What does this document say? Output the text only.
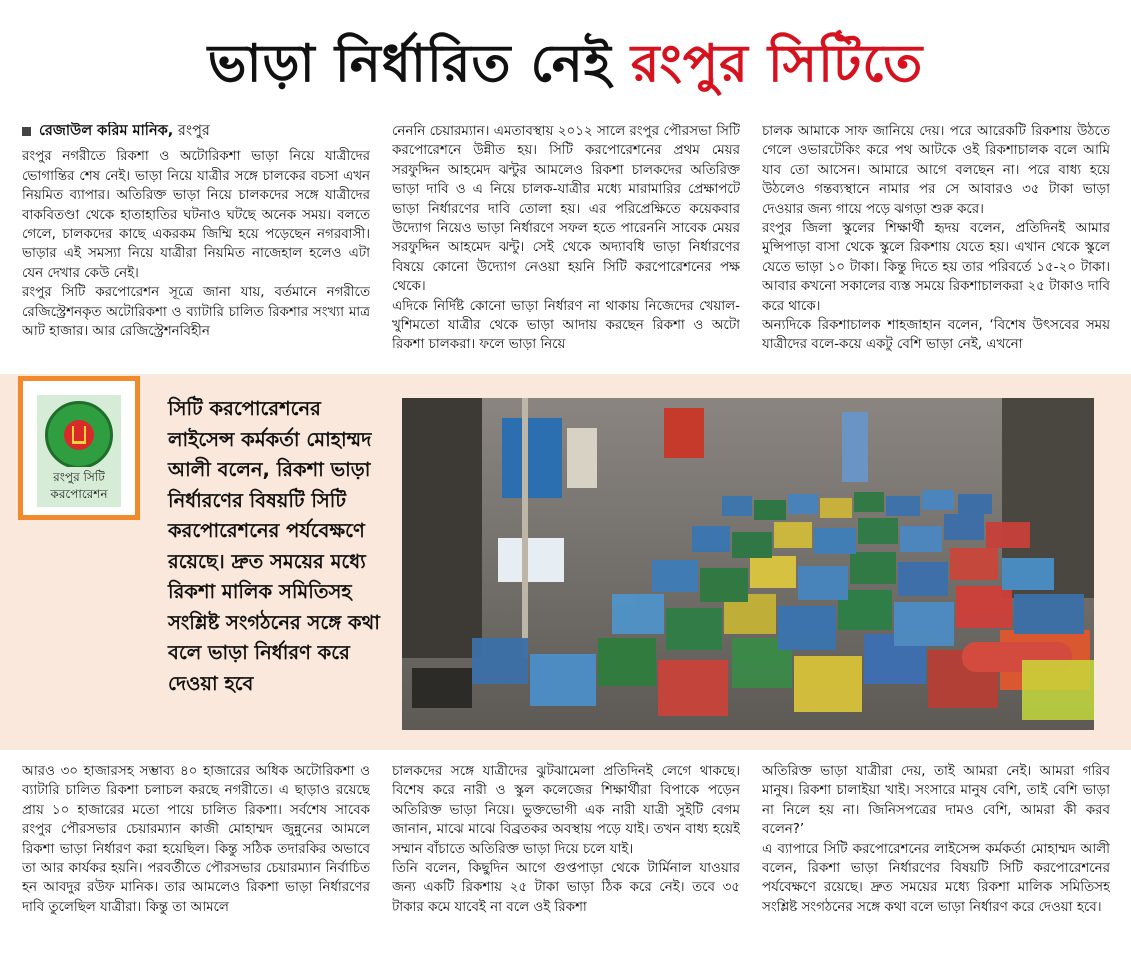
ভাড়া নির্ধারিত নেই রংপুর সিটিতে
রেজাউল করিম মানিক, রংপুর

রংপুর নগরীতে রিকশা ও অটোরিকশা ভাড়া নিয়ে যাত্রীদের ভোগান্তির শেষ নেই। ভাড়া নিয়ে যাত্রীর সঙ্গে চালকের বচসা এখন নিয়মিত ব্যাপার। অতিরিক্ত ভাড়া নিয়ে চালকদের সঙ্গে যাত্রীদের বাকবিতণ্ডা থেকে হাতাহাতির ঘটনাও ঘটছে অনেক সময়। বলতে গেলে, চালকদের কাছে একরকম জিম্মি হয়ে পড়েছেন নগরবাসী। ভাড়ার এই সমস্যা নিয়ে যাত্রীরা নিয়মিত নাজেহাল হলেও এটা যেন দেখার কেউ নেই।
রংপুর সিটি করপোরেশন সূত্রে জানা যায়, বর্তমানে নগরীতে রেজিস্ট্রেশনকৃত অটোরিকশা ও ব্যাটারি চালিত রিকশার সংখ্যা মাত্র আট হাজার। আর রেজিস্ট্রেশনবিহীন

নেননি চেয়ারম্যান। এমতাবস্থায় ২০১২ সালে রংপুর পৌরসভা সিটি করপোরেশনে উন্নীত হয়। সিটি করপোরেশনের প্রথম মেয়র সরফুদ্দিন আহমেদ ঝন্টুর আমলেও রিকশা চালকদের অতিরিক্ত ভাড়া দাবি ও এ নিয়ে চালক-যাত্রীর মধ্যে মারামারির প্রেক্ষাপটে ভাড়া নির্ধারণের দাবি তোলা হয়। এর পরিপ্রেক্ষিতে কয়েকবার উদ্যোগ নিয়েও ভাড়া নির্ধারণে সফল হতে পারেননি সাবেক মেয়র সরফুদ্দিন আহমেদ ঝন্টু। সেই থেকে অদ্যাবধি ভাড়া নির্ধারণের বিষয়ে কোনো উদ্যোগ নেওয়া হয়নি সিটি করপোরেশনের পক্ষ থেকে।
এদিকে নির্দিষ্ট কোনো ভাড়া নির্ধারণ না থাকায় নিজেদের খেয়াল-খুশিমতো যাত্রীর থেকে ভাড়া আদায় করছেন রিকশা ও অটো রিকশা চালকরা। ফলে ভাড়া নিয়ে

চালক আমাকে সাফ জানিয়ে দেয়। পরে আরেকটি রিকশায় উঠতে গেলে ওভারটেকিং করে পথ আটকে ওই রিকশাচালক বলে আমি যাব তো আসেন। আমারে আগে বলছেন না। পরে বাধ্য হয়ে উঠলেও গন্তব্যস্থানে নামার পর সে আবারও ৩৫ টাকা ভাড়া দেওয়ার জন্য গায়ে পড়ে ঝগড়া শুরু করে।
রংপুর জিলা স্কুলের শিক্ষার্থী হৃদয় বলেন, প্রতিদিনই আমার মুন্সিপাড়া বাসা থেকে স্কুলে রিকশায় যেতে হয়। এখান থেকে স্কুলে যেতে ভাড়া ১০ টাকা। কিন্তু দিতে হয় তার পরিবর্তে ১৫-২০ টাকা। আবার কখনো সকালের ব্যস্ত সময়ে রিকশাচালকরা ২৫ টাকাও দাবি করে থাকে।
অন্যদিকে রিকশাচালক শাহজাহান বলেন, ‘বিশেষ উৎসবের সময় যাত্রীদের বলে-কয়ে একটু বেশি ভাড়া নেই, এখনো

রংপুর সিটি করপোরেশন
সিটি করপোরেশনের লাইসেন্স কর্মকর্তা মোহাম্মদ আলী বলেন, রিকশা ভাড়া নির্ধারণের বিষয়টি সিটি করপোরেশনের পর্যবেক্ষণে রয়েছে। দ্রুত সময়ের মধ্যে রিকশা মালিক সমিতিসহ সংশ্লিষ্ট সংগঠনের সঙ্গে কথা বলে ভাড়া নির্ধারণ করে দেওয়া হবে

আরও ৩০ হাজারসহ সম্ভাব্য ৪০ হাজারের অধিক অটোরিকশা ও ব্যাটারি চালিত রিকশা চলাচল করছে নগরীতে। এ ছাড়াও রয়েছে প্রায় ১০ হাজারের মতো পায়ে চালিত রিকশা। সর্বশেষ সাবেক রংপুর পৌরসভার চেয়ারম্যান কাজী মোহাম্মদ জুন্নুনের আমলে রিকশা ভাড়া নির্ধারণ করা হয়েছিল। কিন্তু সঠিক তদারকির অভাবে তা আর কার্যকর হয়নি। পরবর্তীতে পৌরসভার চেয়ারম্যান নির্বাচিত হন আবদুর রউফ মানিক। তার আমলেও রিকশা ভাড়া নির্ধারণের দাবি তুলেছিল যাত্রীরা। কিন্তু তা আমলে

চালকদের সঙ্গে যাত্রীদের ঝুটঝামেলা প্রতিদিনই লেগে থাকছে। বিশেষ করে নারী ও স্কুল কলেজের শিক্ষার্থীরা বিপাকে পড়েন অতিরিক্ত ভাড়া নিয়ে। ভুক্তভোগী এক নারী যাত্রী সুইটি বেগম জানান, মাঝে মাঝে বিব্রতকর অবস্থায় পড়ে যাই। তখন বাধ্য হয়েই সম্মান বাঁচাতে অতিরিক্ত ভাড়া দিয়ে চলে যাই।
তিনি বলেন, কিছুদিন আগে গুপ্তপাড়া থেকে টার্মিনাল যাওয়ার জন্য একটি রিকশায় ২৫ টাকা ভাড়া ঠিক করে নেই। তবে ৩৫ টাকার কমে যাবেই না বলে ওই রিকশা

অতিরিক্ত ভাড়া যাত্রীরা দেয়, তাই আমরা নেই। আমরা গরিব মানুষ। রিকশা চালাইয়া খাই। সংসারে মানুষ বেশি, তাই বেশি ভাড়া না নিলে হয় না। জিনিসপত্রের দামও বেশি, আমরা কী করব বলেন?’
এ ব্যাপারে সিটি করপোরেশনের লাইসেন্স কর্মকর্তা মোহাম্মদ আলী বলেন, রিকশা ভাড়া নির্ধারণের বিষয়টি সিটি করপোরেশনের পর্যবেক্ষণে রয়েছে। দ্রুত সময়ের মধ্যে রিকশা মালিক সমিতিসহ সংশ্লিষ্ট সংগঠনের সঙ্গে কথা বলে ভাড়া নির্ধারণ করে দেওয়া হবে।
